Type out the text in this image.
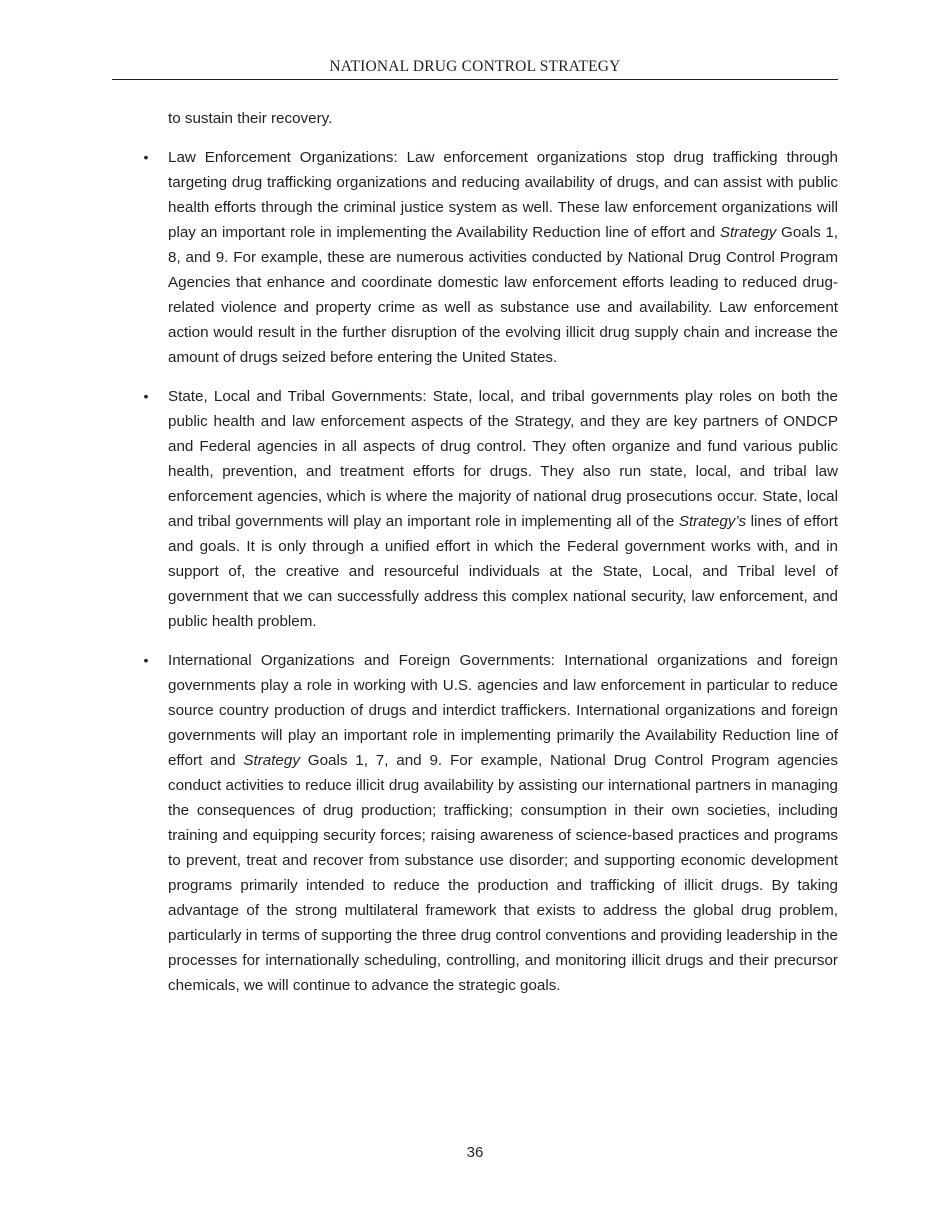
NATIONAL DRUG CONTROL STRATEGY

to sustain their recovery.

• Law Enforcement Organizations: Law enforcement organizations stop drug trafficking through targeting drug trafficking organizations and reducing availability of drugs, and can assist with public health efforts through the criminal justice system as well. These law enforcement organizations will play an important role in implementing the Availability Reduction line of effort and Strategy Goals 1, 8, and 9. For example, these are numerous activities conducted by National Drug Control Program Agencies that enhance and coordinate domestic law enforcement efforts leading to reduced drug-related violence and property crime as well as substance use and availability. Law enforcement action would result in the further disruption of the evolving illicit drug supply chain and increase the amount of drugs seized before entering the United States.

• State, Local and Tribal Governments: State, local, and tribal governments play roles on both the public health and law enforcement aspects of the Strategy, and they are key partners of ONDCP and Federal agencies in all aspects of drug control. They often organize and fund various public health, prevention, and treatment efforts for drugs. They also run state, local, and tribal law enforcement agencies, which is where the majority of national drug prosecutions occur. State, local and tribal governments will play an important role in implementing all of the Strategy’s lines of effort and goals. It is only through a unified effort in which the Federal government works with, and in support of, the creative and resourceful individuals at the State, Local, and Tribal level of government that we can successfully address this complex national security, law enforcement, and public health problem.

• International Organizations and Foreign Governments: International organizations and foreign governments play a role in working with U.S. agencies and law enforcement in particular to reduce source country production of drugs and interdict traffickers. International organizations and foreign governments will play an important role in implementing primarily the Availability Reduction line of effort and Strategy Goals 1, 7, and 9. For example, National Drug Control Program agencies conduct activities to reduce illicit drug availability by assisting our international partners in managing the consequences of drug production; trafficking; consumption in their own societies, including training and equipping security forces; raising awareness of science-based practices and programs to prevent, treat and recover from substance use disorder; and supporting economic development programs primarily intended to reduce the production and trafficking of illicit drugs. By taking advantage of the strong multilateral framework that exists to address the global drug problem, particularly in terms of supporting the three drug control conventions and providing leadership in the processes for internationally scheduling, controlling, and monitoring illicit drugs and their precursor chemicals, we will continue to advance the strategic goals.

36
